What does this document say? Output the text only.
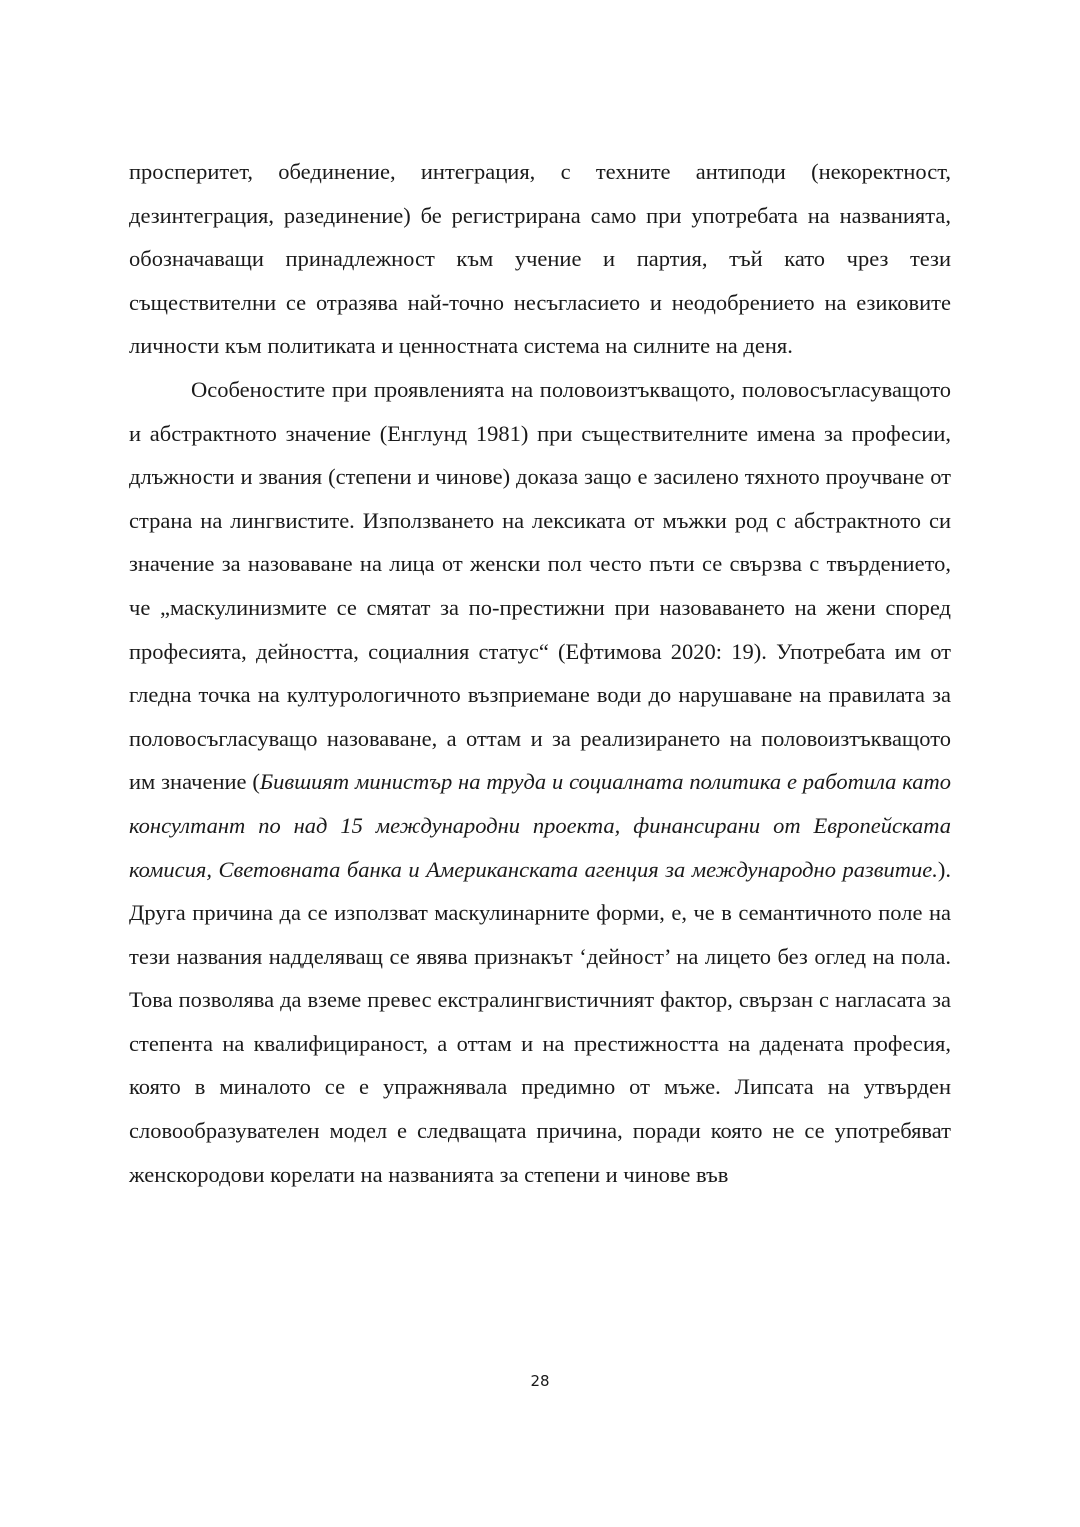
просперитет, обединение, интеграция, с техните антиподи (некоректност, дезинтеграция, разединение) бе регистрирана само при употребата на названията, обозначаващи принадлежност към учение и партия, тъй като чрез тези съществителни се отразява най-точно несъгласието и неодобрението на езиковите личности към политиката и ценностната система на силните на деня.

Особеностите при проявленията на половоизтъкващото, половосъгласуващото и абстрактното значение (Енглунд 1981) при съществителните имена за професии, длъжности и звания (степени и чинове) доказа защо е засилено тяхното проучване от страна на лингвистите. Използването на лексиката от мъжки род с абстрактното си значение за назоваване на лица от женски пол често пъти се свързва с твърдението, че „маскулинизмите се смятат за по-престижни при назоваването на жени според професията, дейността, социалния статус“ (Ефтимова 2020: 19). Употребата им от гледна точка на културологичното възприемане води до нарушаване на правилата за половосъгласуващо назоваване, а оттам и за реализирането на половоизтъкващото им значение (Бившият министър на труда и социалната политика е работила като консултант по над 15 международни проекта, финансирани от Европейската комисия, Световната банка и Американската агенция за международно развитие.). Друга причина да се използват маскулинарните форми, е, че в семантичното поле на тези названия надделяващ се явява признакът ‘дейност’ на лицето без оглед на пола. Това позволява да вземе превес екстралингвистичният фактор, свързан с нагласата за степента на квалифицираност, а оттам и на престижността на дадената професия, която в миналото се е упражнявала предимно от мъже. Липсата на утвърден словообразувателен модел е следващата причина, поради която не се употребяват женскородови корелати на названията за степени и чинове във

28
